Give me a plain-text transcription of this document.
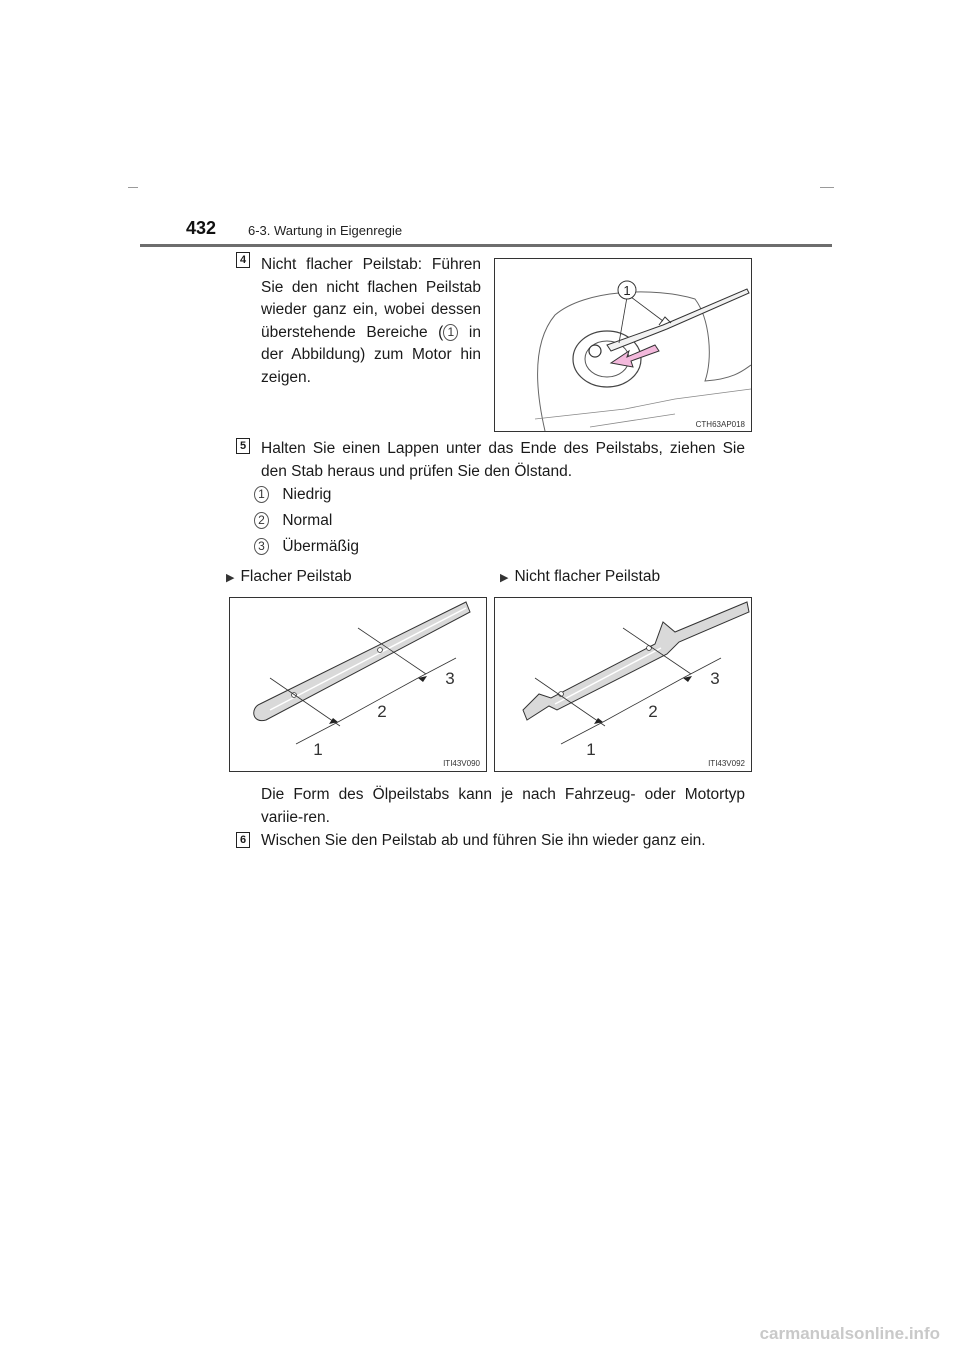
432 6-3. Wartung in Eigenregie
4 Nicht flacher Peilstab: Führen Sie den nicht flachen Peilstab wieder ganz ein, wobei dessen überstehende Bereiche ( 1 in der Abbildung) zum Motor hin zeigen.
1
CTH63AP018
5 Halten Sie einen Lappen unter das Ende des Peilstabs, ziehen Sie den Stab heraus und prüfen Sie den Ölstand.
1 Niedrig
2 Normal
3 Übermäßig
▶ Flacher Peilstab	▶ Nicht flacher Peilstab
1
2
3
ITI43V090
1
2
3
ITI43V092
Die Form des Ölpeilstabs kann je nach Fahrzeug- oder Motortyp variie-ren.
6 Wischen Sie den Peilstab ab und führen Sie ihn wieder ganz ein.
carmanualsonline.info
